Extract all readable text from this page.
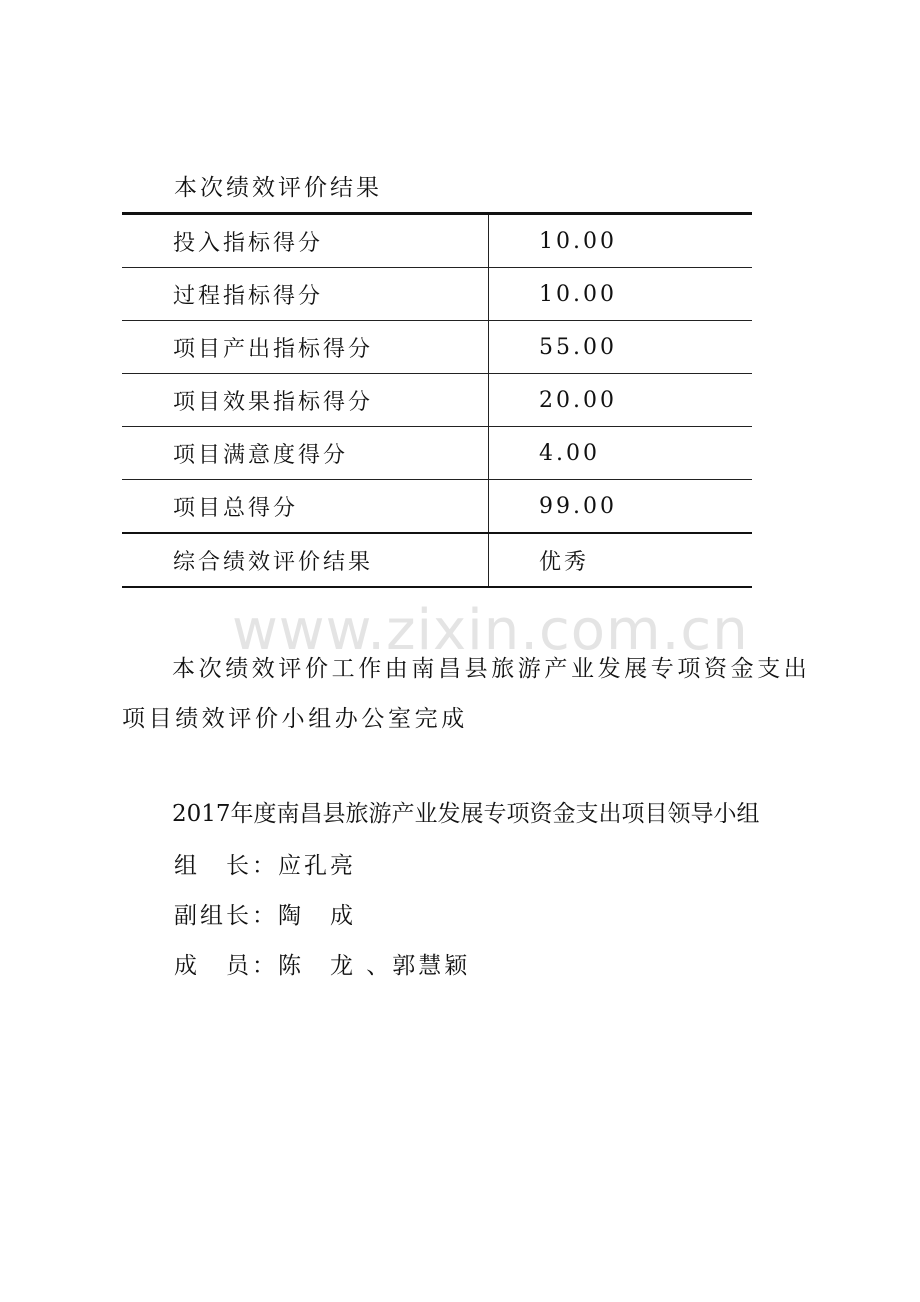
本次绩效评价结果
投入指标得分	10.00
过程指标得分	10.00
项目产出指标得分	55.00
项目效果指标得分	20.00
项目满意度得分	4.00
项目总得分	99.00
综合绩效评价结果	优秀
www.zixin.com.cn
本次绩效评价工作由南昌县旅游产业发展专项资金支出项目绩效评价小组办公室完成
2017年度南昌县旅游产业发展专项资金支出项目领导小组
组　长：应孔亮
副组长：陶　成
成　员：陈　龙 、郭慧颖
